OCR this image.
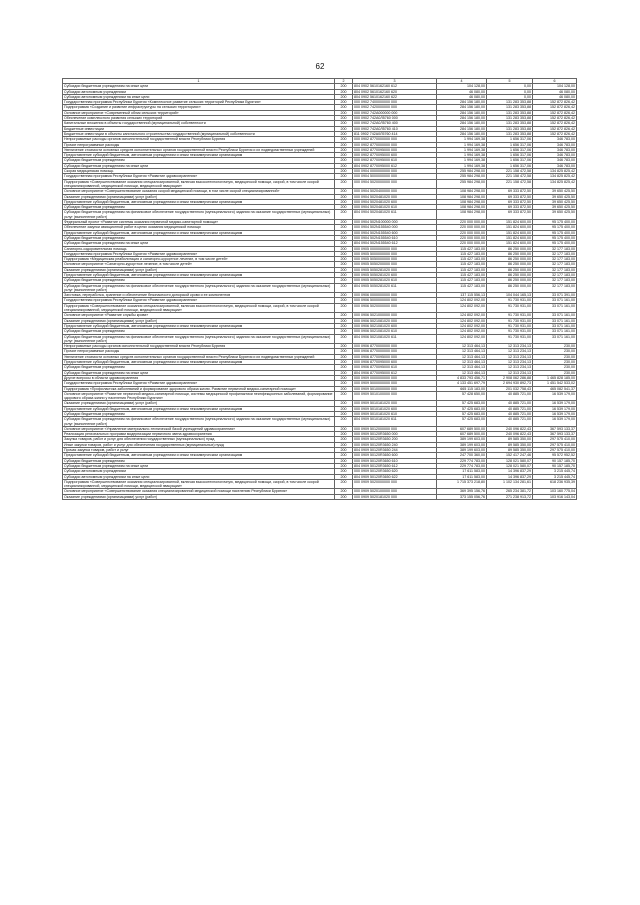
62
1	2	3	4	5	6
Субсидии бюджетным учреждениям на иные цели	200	804 0902 5610162160 612	104 128,00	0,00	104 128,00
Субсидии автономным учреждениям	200	804 0902 5610162160 620	46 080,00	0,00	46 080,00
Субсидии автономным учреждениям на иные цели	200	804 0902 5610162160 622	46 080,00	0,00	46 080,00
Государственная программа Республики Бурятия «Комплексное развитие сельских территорий Республики Бурятия»	200	000 0902 7400000000 000	284 156 180,00	131 283 353,88	152 872 826,42
Подпрограмма «Создание и развитие инфраструктуры на сельских территориях»	200	000 0902 7420000000 000	284 156 180,00	131 283 353,88	152 872 826,42
Основное мероприятие «Современный облик сельских территорий»	200	000 0902 742А000000 000	284 156 180,00	131 283 353,88	152 872 826,42
Обеспечение комплексного развития сельских территорий	200	000 0902 742А0Л5760 000	284 156 180,00	131 283 353,88	152 872 826,42
Капитальные вложения в объекты государственной (муниципальной) собственности	200	000 0902 742А0Л5760 400	284 156 180,00	131 283 353,88	152 872 826,42
Бюджетные инвестиции	200	000 0902 742А0Л5760 410	284 156 180,00	131 283 353,88	152 872 826,42
Бюджетные инвестиции в объекты капитального строительства государственной (муниципальной) собственности	200	811 0902 742А0Л5760 414	284 156 180,00	131 283 353,88	152 872 826,42
Непрограммные расходы органов исполнительной государственной власти Республики Бурятия	200	000 0902 8770000000 000	1 994 169,38	1 656 317,06	346 783,00
Прочие непрограммные расходы	200	000 0902 8770000000 000	1 994 169,38	1 656 317,06	346 783,00
Увеличение стоимости основных средств исполнительных органов государственной власти Республики Бурятия и их подведомственных учреждений	200	000 0902 8770095000 000	1 994 169,38	1 656 317,06	346 783,00
Предоставление субсидий бюджетным, автономным учреждениям и иным некоммерческим организациям	200	000 0902 8770095000 600	1 994 169,38	1 656 317,06	346 783,00
Субсидии бюджетным учреждениям	200	000 0902 8770095000 610	1 994 169,38	1 656 317,06	346 783,00
Субсидии бюджетным учреждениям на иные цели	200	804 0902 8770095000 612	1 994 169,38	1 656 317,06	346 783,00
Скорая медицинская помощь	200	000 0904 0000000000 000	255 984 298,00	221 158 472,58	134 825 825,42
Государственная программа Республики Бурятия «Развитие здравоохранения»	200	000 0904 5000000000 000	255 984 298,00	221 158 472,58	134 825 825,42
Подпрограмма «Совершенствование оказания специализированной, включая высокотехнологичную, медицинской помощи, скорой, в том числе скорой специализированной, медицинской помощи, медицинской эвакуации»	200	000 0904 5020000000 000	255 984 298,00	221 158 472,58	134 825 825,42
Основное мероприятие «Совершенствование оказания скорой медицинской помощи, в том числе скорой специализированной»	200	000 0904 5020400000 000	108 984 298,00	69 333 872,50	39 650 425,50
Оказание учреждениями (организациями) услуг (работ)	200	000 0904 5020481020 000	108 984 298,00	69 333 872,50	39 650 425,50
Предоставление субсидий бюджетным, автономным учреждениям и иным некоммерческим организациям	200	000 0904 5020481020 600	108 984 298,00	69 333 872,50	39 650 425,50
Субсидии бюджетным учреждениям	200	000 0904 5020481020 610	108 984 298,00	69 333 872,50	39 650 425,50
Субсидии бюджетным учреждениям на финансовое обеспечение государственного (муниципального) задания на оказание государственных (муниципальных) услуг (выполнение работ)	200	804 0904 5020481020 611	108 984 298,00	69 333 872,50	39 650 425,50
Федеральный проект «Развитие системы оказания первичной медико-санитарной помощи»	200	000 0904 502N100000 000	220 000 000,00	151 824 600,00	95 175 400,00
Обеспечение закупки авиационной работ в целях оказания медицинской помощи	200	000 0904 502N155540 000	220 000 000,00	151 824 600,00	95 175 400,00
Предоставление субсидий бюджетным, автономным учреждениям и иным некоммерческим организациям	200	000 0904 502N155540 600	220 000 000,00	151 824 600,00	95 175 400,00
Субсидии бюджетным учреждениям	200	000 0904 502N155540 610	220 000 000,00	151 824 600,00	95 175 400,00
Субсидии бюджетным учреждениям на иные цели	200	804 0904 502N155540 612	220 000 000,00	151 824 600,00	95 175 400,00
Санаторно-оздоровительная помощь	200	000 0905 0000000000 000	115 427 183,00	86 250 000,00	32 177 183,00
Государственная программа Республики Бурятия «Развитие здравоохранения»	200	000 0905 5000000000 000	115 427 183,00	86 250 000,00	32 177 183,00
Подпрограмма «Медицинская реабилитация и санаторно-курортное лечение, в том числе детей»	200	000 0905 5050000000 000	115 427 183,00	86 250 000,00	32 177 183,00
Основное мероприятие «Санаторно-курортное лечение, в том числе детей»	200	000 0905 5050200000 000	115 427 183,00	86 250 000,00	32 177 183,00
Оказание учреждениями (организациями) услуг (работ)	200	000 0905 5050281020 000	115 427 183,00	86 250 000,00	32 177 183,00
Предоставление субсидий бюджетным, автономным учреждениям и иным некоммерческим организациям	200	000 0905 5050281020 600	115 427 183,00	86 250 000,00	32 177 183,00
Субсидии бюджетным учреждениям	200	000 0905 5050281020 610	115 427 183,00	86 250 000,00	32 177 183,00
Субсидии бюджетным учреждениям на финансовое обеспечение государственного (муниципального) задания на оказание государственных (муниципальных) услуг (выполнение работ)	200	804 0905 5050281020 611	115 427 183,00	86 250 000,00	32 177 183,00
Заготовка, переработка, хранение и обеспечение безопасности донорской крови и ее компонентов	200	000 0906 0000000000 000	137 115 556,13	104 044 165,13	33 071 391,00
Государственная программа Республики Бурятия «Развитие здравоохранения»	200	000 0906 5000000000 000	124 802 092,00	91 730 931,00	33 071 161,00
Подпрограмма «Совершенствование оказания специализированной, включая высокотехнологичную, медицинской помощи, скорой, в том числе скорой специализированной, медицинской помощи, медицинской эвакуации»	200	000 0906 5020000000 000	124 802 092,00	91 730 931,00	33 071 161,00
Основное мероприятие «Развитие службы крови»	200	000 0906 5021000000 000	124 802 092,00	91 730 931,00	33 071 161,00
Оказание учреждениями (организациями) услуг (работ)	200	000 0906 5021081020 000	124 802 092,00	91 730 931,00	33 071 161,00
Предоставление субсидий бюджетным, автономным учреждениям и иным некоммерческим организациям	200	000 0906 5021081020 600	124 802 092,00	91 730 931,00	33 071 161,00
Субсидии бюджетным учреждениям	200	000 0906 5021081020 610	124 802 092,00	91 730 931,00	33 071 161,00
Субсидии бюджетным учреждениям на финансовое обеспечение государственного (муниципального) задания на оказание государственных (муниципальных) услуг (выполнение работ)	200	804 0906 5021081020 611	124 802 092,00	91 730 931,00	33 071 161,00
Непрограммные расходы органов исполнительной государственной власти Республики Бурятия	200	000 0906 8770000000 000	12 313 464,13	12 313 234,13	230,00
Прочие непрограммные расходы	200	000 0906 8770000000 000	12 313 464,13	12 313 234,13	230,00
Увеличение стоимости основных средств исполнительных органов государственной власти Республики Бурятия и их подведомственных учреждений	200	000 0906 8770095000 000	12 313 464,13	12 313 234,13	230,00
Предоставление субсидий бюджетным, автономным учреждениям и иным некоммерческим организациям	200	000 0906 8770095000 600	12 313 464,13	12 313 234,13	230,00
Субсидии бюджетным учреждениям	200	000 0906 8770095000 610	12 313 464,13	12 313 234,13	230,00
Субсидии бюджетным учреждениям на иные цели	200	804 0906 8770095000 612	12 313 464,13	12 313 234,13	230,00
Другие вопросы в области здравоохранения	200	000 0909 0000000000 000	4 833 793 456,71	2 908 062 286,88	1 465 828 185,00
Государственная программа Республики Бурятия «Развитие здравоохранения»	200	000 0909 5000000000 000	4 133 451 697,79	2 694 930 892,73	1 451 542 533,02
Подпрограмма «Профилактика заболеваний и формирование здорового образа жизни. Развитие первичной медико-санитарной помощи»	200	000 0909 5010000000 000	665 115 183,00	201 032 758,43	465 082 541,37
Основное мероприятие «Развитие первичной медико-санитарной помощи, системы медицинской профилактики неинфекционных заболеваний, формирование здорового образа жизни у населения Республики Бурятия»	200	000 0909 5010100000 000	57 428 650,00	40 885 721,00	16 539 179,00
Оказание учреждениями (организациями) услуг (работ)	200	000 0909 5010181020 000	57 425 683,00	40 885 721,00	16 539 179,00
Предоставление субсидий бюджетным, автономным учреждениям и иным некоммерческим организациям	200	000 0909 5010181020 600	57 425 683,00	40 885 721,00	16 539 179,00
Субсидии бюджетным учреждениям	200	000 0909 5010181020 610	57 425 683,00	40 885 721,00	16 539 179,00
Субсидии бюджетным учреждениям на финансовое обеспечение государственного (муниципального) задания на оказание государственных (муниципальных) услуг (выполнение работ)	200	804 0909 5010181020 611	57 425 683,00	40 885 721,00	16 539 179,00
Основное мероприятие «Управление материально-технической базой учреждений здравоохранения»	200	000 0909 5012000000 000	607 689 500,00	240 096 822,43	367 593 133,37
Реализация региональных программ модернизации первичного звена здравоохранения	200	000 0909 50120R3650 000	607 689 500,00	240 096 822,43	367 593 133,37
Закупка товаров, работ и услуг для обеспечения государственных (муниципальных) нужд	200	000 0909 50120R3650 200	389 199 603,00	89 585 350,00	297 575 410,00
Иные закупки товаров, работ и услуг для обеспечения государственных (муниципальных) нужд	200	000 0909 50120R3650 240	389 199 603,00	89 585 350,00	297 575 410,00
Прочая закупка товаров, работ и услуг	200	804 0909 50120R3650 244	389 199 603,00	89 585 350,00	297 575 410,00
Предоставление субсидий бюджетным, автономным учреждениям и иным некоммерческим организациям	200	000 0909 50120R3650 600	247 700 360,00	152 417 247,46	95 572 952,52
Субсидии бюджетным учреждениям	200	000 0909 50120R3650 610	229 774 783,00	128 021 580,07	90 157 185,70
Субсидии бюджетным учреждениям на иные цели	200	804 0909 50120R3650 612	229 774 783,00	128 021 580,07	90 157 185,70
Субсидии автономным учреждениям	200	000 0909 50120R3650 620	17 611 583,00	14 396 837,29	3 215 445,74
Субсидии автономным учреждениям на иные цели	200	804 0909 50120R3650 622	17 611 583,00	14 396 837,29	3 215 445,74
Подпрограмма «Совершенствование оказания специализированной, включая высокотехнологичную, медицинской помощи, скорой, в том числе скорой специализированной, медицинской помощи, медицинской эвакуации»	200	000 0909 5020000000 000	1 715 373 218,80	1 102 134 281,61	618 236 935,39
Основное мероприятие «Совершенствование оказания специализированной медицинской помощи населению Республики Бурятия»	200	000 0909 5020100000 000	369 395 156,76	265 234 381,72	103 160 775,04
Оказание учреждениями (организациями) услуг (работ)	200	000 0909 5020181020 000	373 155 056,76	271 238 913,72	103 916 143,04
